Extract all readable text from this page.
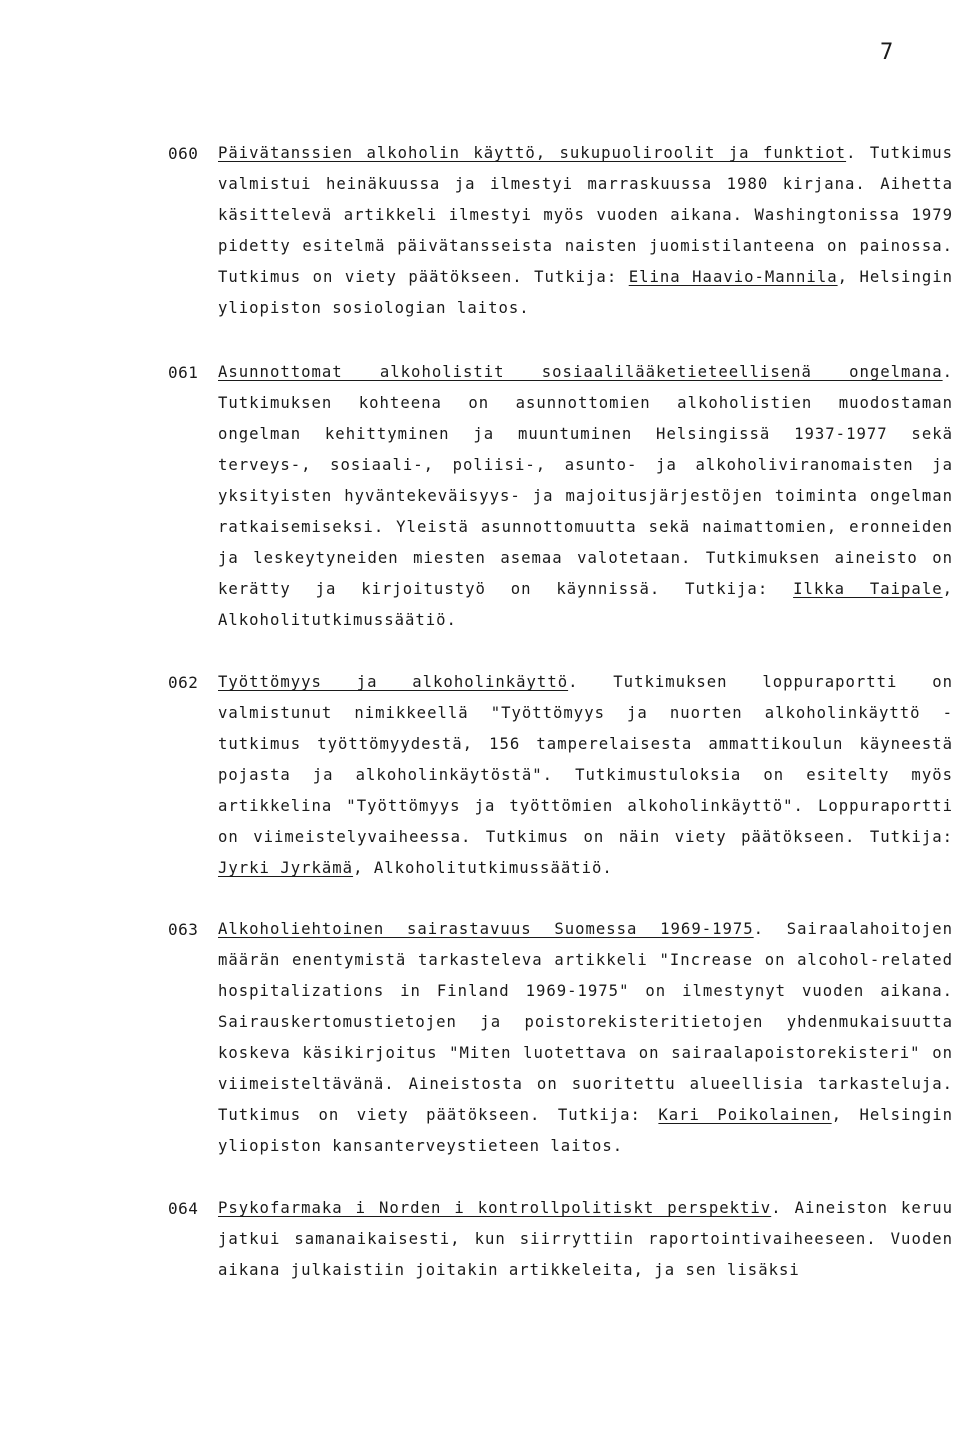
7
060 Päivätanssien alkoholin käyttö, sukupuoliroolit ja funktiot. Tutkimus valmistui heinäkuussa ja ilmestyi marraskuussa 1980 kirjana. Aihetta käsittelevä artikkeli ilmestyi myös vuoden aikana. Washingtonissa 1979 pidetty esitelmä päivätansseista naisten juomistilanteena on painossa. Tutkimus on viety päätökseen. Tutkija: Elina Haavio-Mannila, Helsingin yliopiston sosiologian laitos.
061 Asunnottomat alkoholistit sosiaalilääketieteellisenä ongelmana. Tutkimuksen kohteena on asunnottomien alkoholistien muodostaman ongelman kehittyminen ja muuntuminen Helsingissä 1937-1977 sekä terveys-, sosiaali-, poliisi-, asunto- ja alkoholiviranomaisten ja yksityisten hyväntekeväisyys- ja majoitusjärjestöjen toiminta ongelman ratkaisemiseksi. Yleistä asunnottomuutta sekä naimattomien, eronneiden ja leskeytyneiden miesten asemaa valotetaan. Tutkimuksen aineisto on kerätty ja kirjoitustyö on käynnissä. Tutkija: Ilkka Taipale, Alkoholitutkimussäätiö.
062 Työttömyys ja alkoholinkäyttö. Tutkimuksen loppuraportti on valmistunut nimikkeellä "Työttömyys ja nuorten alkoholinkäyttö - tutkimus työttömyydestä, 156 tamperelaisesta ammattikoulun käyneestä pojasta ja alkoholinkäytöstä". Tutkimustuloksia on esitelty myös artikkelina "Työttömyys ja työttömien alkoholinkäyttö". Loppuraportti on viimeistelyvaiheessa. Tutkimus on näin viety päätökseen. Tutkija: Jyrki Jyrkämä, Alkoholitutkimussäätiö.
063 Alkoholiehtoinen sairastavuus Suomessa 1969-1975. Sairaalahoitojen määrän enentymistä tarkasteleva artikkeli "Increase on alcohol-related hospitalizations in Finland 1969-1975" on ilmestynyt vuoden aikana. Sairauskertomustietojen ja poistorekisteritietojen yhdenmukaisuutta koskeva käsikirjoitus "Miten luotettava on sairaalapoistorekisteri" on viimeisteltävänä. Aineistosta on suoritettu alueellisia tarkasteluja. Tutkimus on viety päätökseen. Tutkija: Kari Poikolainen, Helsingin yliopiston kansanterveystieteen laitos.
064 Psykofarmaka i Norden i kontrollpolitiskt perspektiv. Aineiston keruu jatkui samanaikaisesti, kun siirryttiin raportointivaiheeseen. Vuoden aikana julkaistiin joitakin artikkeleita, ja sen lisäksi
